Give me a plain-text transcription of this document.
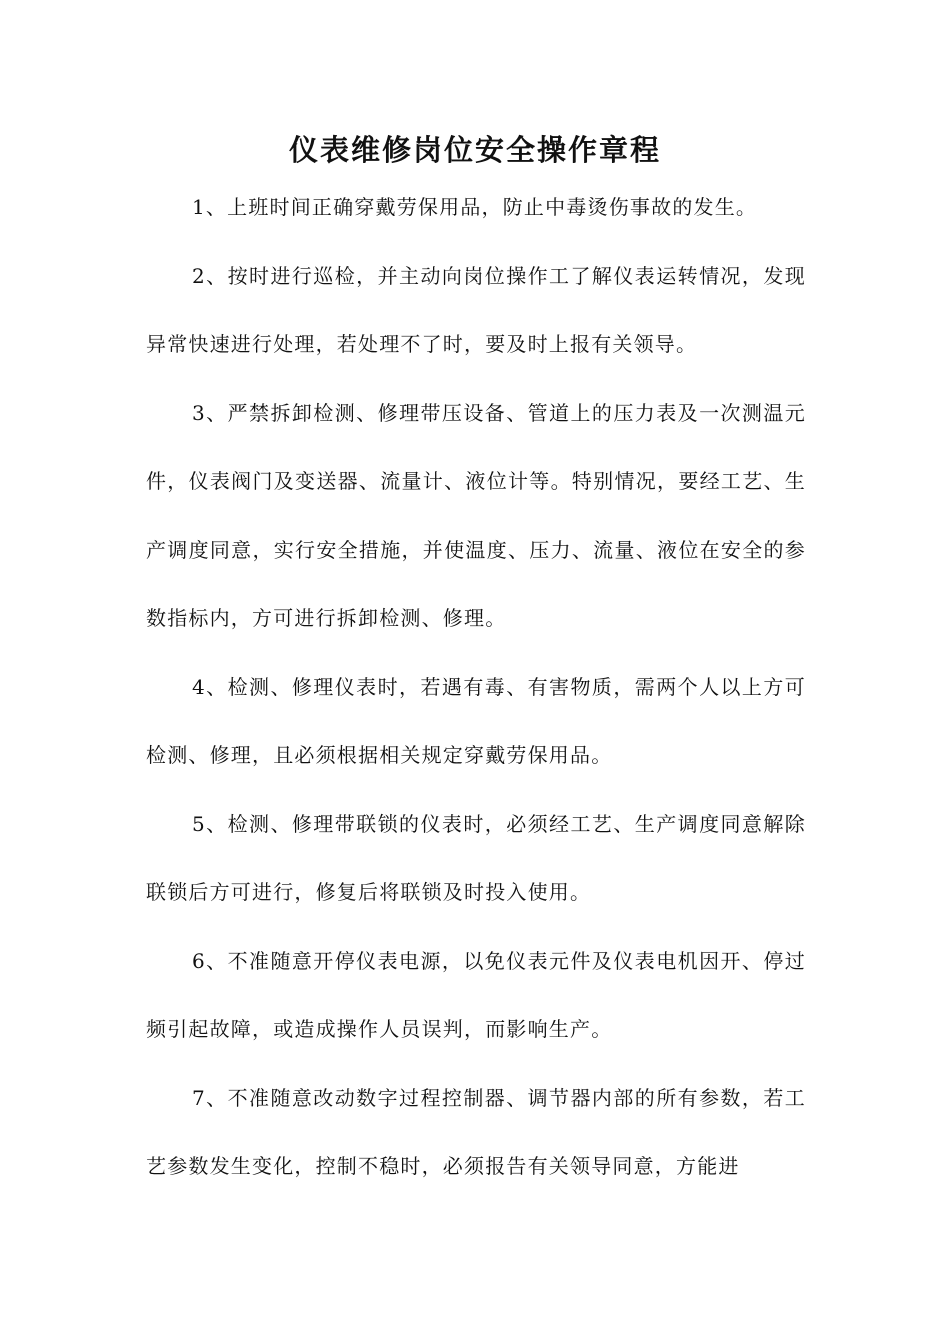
仪表维修岗位安全操作章程

1、上班时间正确穿戴劳保用品，防止中毒烫伤事故的发生。

2、按时进行巡检，并主动向岗位操作工了解仪表运转情况，发现异常快速进行处理，若处理不了时，要及时上报有关领导。

3、严禁拆卸检测、修理带压设备、管道上的压力表及一次测温元件，仪表阀门及变送器、流量计、液位计等。特别情况，要经工艺、生产调度同意，实行安全措施，并使温度、压力、流量、液位在安全的参数指标内，方可进行拆卸检测、修理。

4、检测、修理仪表时，若遇有毒、有害物质，需两个人以上方可检测、修理，且必须根据相关规定穿戴劳保用品。

5、检测、修理带联锁的仪表时，必须经工艺、生产调度同意解除联锁后方可进行，修复后将联锁及时投入使用。

6、不准随意开停仪表电源，以免仪表元件及仪表电机因开、停过频引起故障，或造成操作人员误判，而影响生产。

7、不准随意改动数字过程控制器、调节器内部的所有参数，若工艺参数发生变化，控制不稳时，必须报告有关领导同意，方能进
